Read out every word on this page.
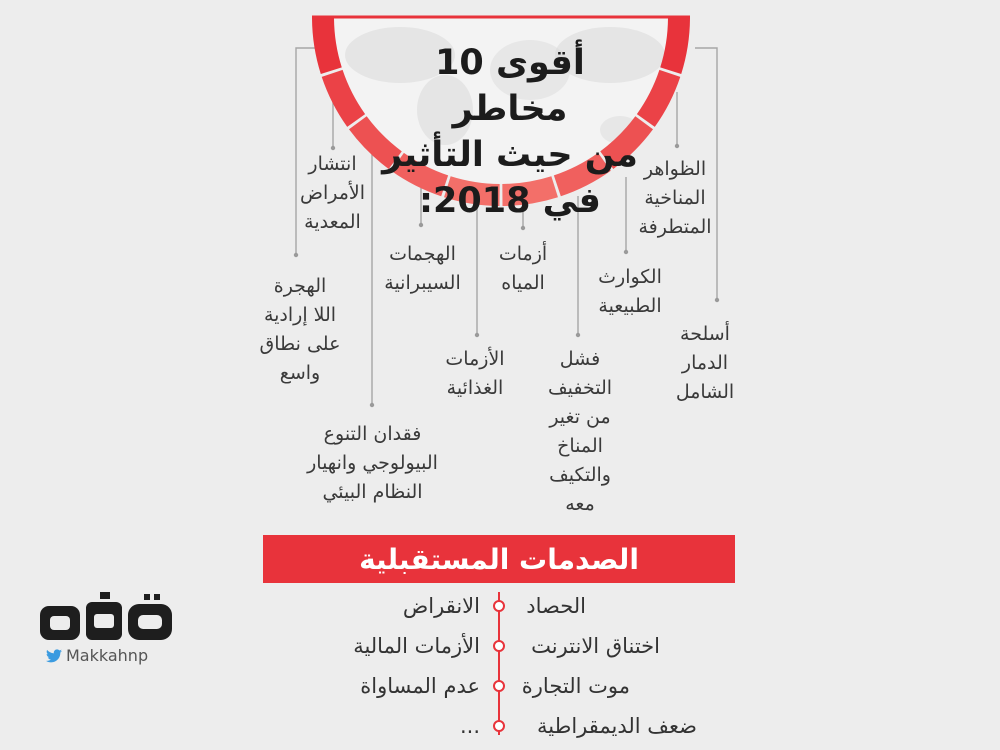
أقوى 10 مخاطر
من حيث التأثير
في 2018:
الظواهر
المناخية
المتطرفة
أسلحة
الدمار
الشامل
الكوارث
الطبيعية
فشل
التخفيف
من تغير
المناخ
والتكيف
معه
أزمات
المياه
الأزمات
الغذائية
الهجمات
السيبرانية
فقدان التنوع
البيولوجي وانهيار
النظام البيئي
انتشار
الأمراض
المعدية
الهجرة
اللا إرادية
على نطاق
واسع
الصدمات المستقبلية
الحصاد
اختناق الانترنت
موت التجارة
ضعف الديمقراطية
الانقراض
الأزمات المالية
عدم المساواة
...
Makkahnp
